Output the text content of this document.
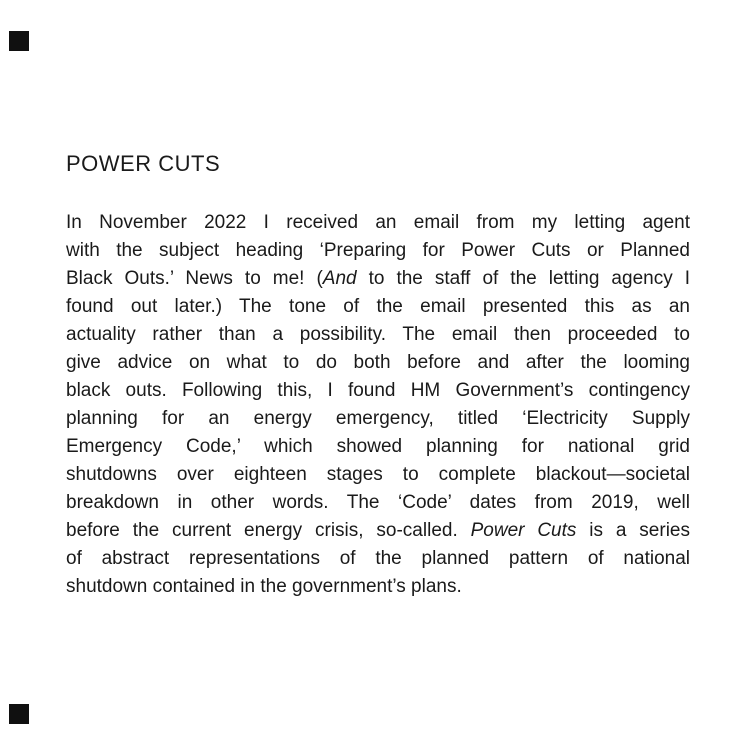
POWER CUTS
In November 2022 I received an email from my letting agent
with the subject heading ‘Preparing for Power Cuts or Planned
Black Outs.’ News to me! (And to the staff of the letting agency I
found out later.) The tone of the email presented this as an
actuality rather than a possibility. The email then proceeded to
give advice on what to do both before and after the looming
black outs. Following this, I found HM Government’s contingency
planning for an energy emergency, titled ‘Electricity Supply
Emergency Code,’ which showed planning for national grid
shutdowns over eighteen stages to complete blackout—societal
breakdown in other words. The ‘Code’ dates from 2019, well
before the current energy crisis, so-called. Power Cuts is a series
of abstract representations of the planned pattern of national
shutdown contained in the government’s plans.
